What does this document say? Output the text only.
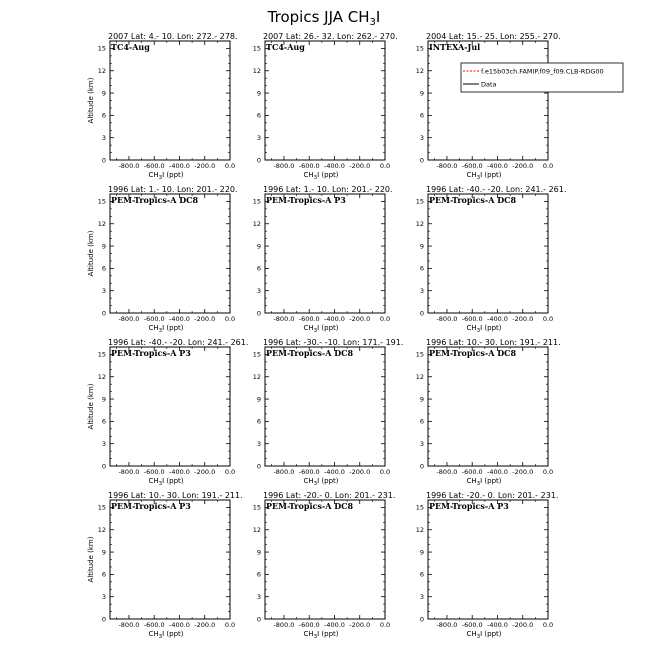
Tropics JJA $CH_3I$
2007 Lat: 4.- 10. Lon: 272.- 278.
TC4-Aug
0
3
6
9
12
15
-800.0 -600.0 -400.0 -200.0 0.0
$CH_3I$ (ppt)
Altitude (km)
2007 Lat: 26.- 32. Lon: 262.- 270.
TC4-Aug
0
3
6
9
12
15
-800.0 -600.0 -400.0 -200.0 0.0
$CH_3I$ (ppt)
2004 Lat: 15.- 25. Lon: 255.- 270.
INTEXA-Jul
0
3
6
9
12
15
-800.0 -600.0 -400.0 -200.0 0.0
$CH_3I$ (ppt)
f.e15b03ch.FAMIP.f09_f09.CLB-RDG00
Data
1996 Lat: 1.- 10. Lon: 201.- 220.
PEM-Tropics-A DC8
0
3
6
9
12
15
-800.0 -600.0 -400.0 -200.0 0.0
$CH_3I$ (ppt)
Altitude (km)
1996 Lat: 1.- 10. Lon: 201.- 220.
PEM-Tropics-A P3
0
3
6
9
12
15
-800.0 -600.0 -400.0 -200.0 0.0
$CH_3I$ (ppt)
1996 Lat: -40.- -20. Lon: 241.- 261.
PEM-Tropics-A DC8
0
3
6
9
12
15
-800.0 -600.0 -400.0 -200.0 0.0
$CH_3I$ (ppt)
1996 Lat: -40.- -20. Lon: 241.- 261.
PEM-Tropics-A P3
0
3
6
9
12
15
-800.0 -600.0 -400.0 -200.0 0.0
$CH_3I$ (ppt)
Altitude (km)
1996 Lat: -30.- -10. Lon: 171.- 191.
PEM-Tropics-A DC8
0
3
6
9
12
15
-800.0 -600.0 -400.0 -200.0 0.0
$CH_3I$ (ppt)
1996 Lat: 10.- 30. Lon: 191.- 211.
PEM-Tropics-A DC8
0
3
6
9
12
15
-800.0 -600.0 -400.0 -200.0 0.0
$CH_3I$ (ppt)
1996 Lat: 10.- 30. Lon: 191.- 211.
PEM-Tropics-A P3
0
3
6
9
12
15
-800.0 -600.0 -400.0 -200.0 0.0
$CH_3I$ (ppt)
Altitude (km)
1996 Lat: -20.- 0. Lon: 201.- 231.
PEM-Tropics-A DC8
0
3
6
9
12
15
-800.0 -600.0 -400.0 -200.0 0.0
$CH_3I$ (ppt)
1996 Lat: -20.- 0. Lon: 201.- 231.
PEM-Tropics-A P3
0
3
6
9
12
15
-800.0 -600.0 -400.0 -200.0 0.0
$CH_3I$ (ppt)
